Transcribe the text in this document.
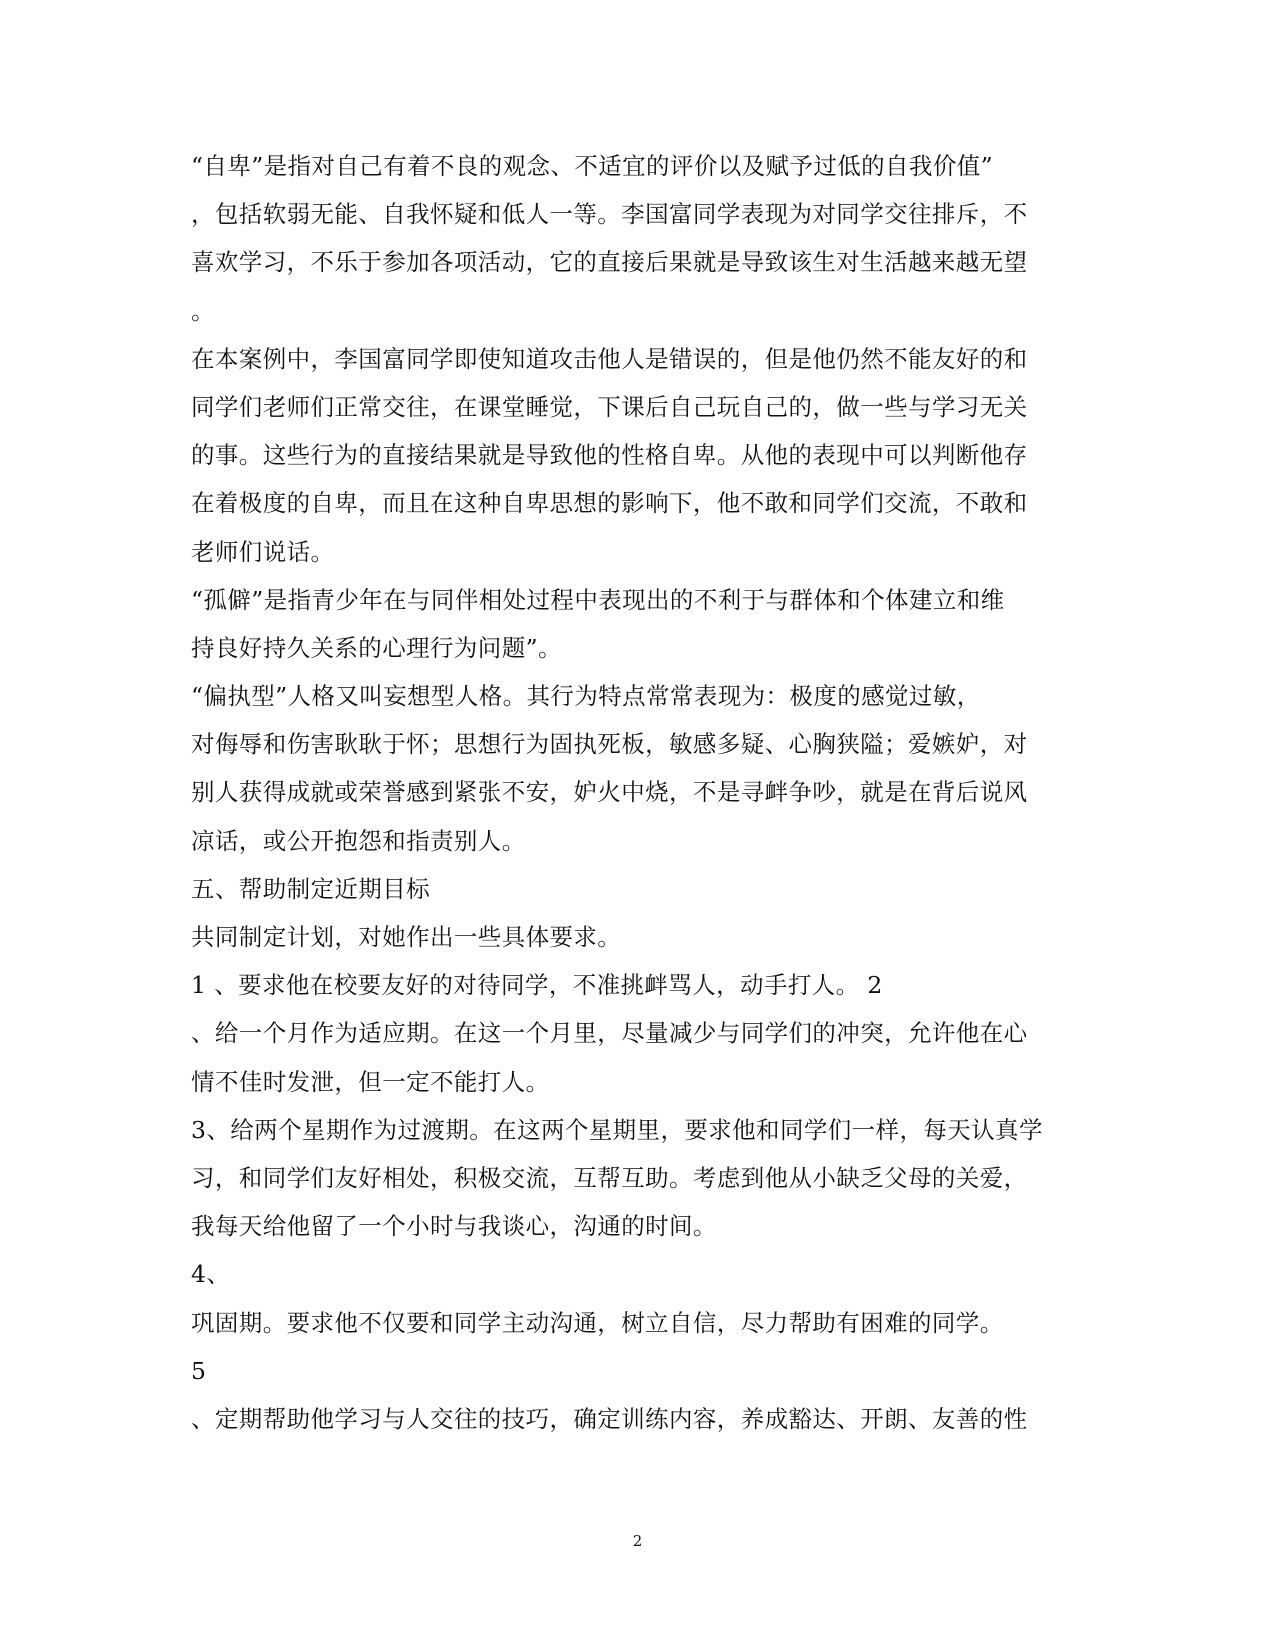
“自卑”是指对自己有着不良的观念、不适宜的评价以及赋予过低的自我价值”
，包括软弱无能、自我怀疑和低人一等。李国富同学表现为对同学交往排斥，不
喜欢学习，不乐于参加各项活动，它的直接后果就是导致该生对生活越来越无望
。
在本案例中，李国富同学即使知道攻击他人是错误的，但是他仍然不能友好的和
同学们老师们正常交往，在课堂睡觉，下课后自己玩自己的，做一些与学习无关
的事。这些行为的直接结果就是导致他的性格自卑。从他的表现中可以判断他存
在着极度的自卑，而且在这种自卑思想的影响下，他不敢和同学们交流，不敢和
老师们说话。
“孤僻”是指青少年在与同伴相处过程中表现出的不利于与群体和个体建立和维
持良好持久关系的心理行为问题”。
“偏执型”人格又叫妄想型人格。其行为特点常常表现为：极度的感觉过敏，
对侮辱和伤害耿耿于怀；思想行为固执死板，敏感多疑、心胸狭隘；爱嫉妒，对
别人获得成就或荣誉感到紧张不安，妒火中烧，不是寻衅争吵，就是在背后说风
凉话，或公开抱怨和指责别人。
五、帮助制定近期目标
共同制定计划，对她作出一些具体要求。
1 、要求他在校要友好的对待同学，不准挑衅骂人，动手打人。 2
、给一个月作为适应期。在这一个月里，尽量减少与同学们的冲突，允许他在心
情不佳时发泄，但一定不能打人。
3、给两个星期作为过渡期。在这两个星期里，要求他和同学们一样，每天认真学
习，和同学们友好相处，积极交流，互帮互助。考虑到他从小缺乏父母的关爱，
我每天给他留了一个小时与我谈心，沟通的时间。
4、
巩固期。要求他不仅要和同学主动沟通，树立自信，尽力帮助有困难的同学。
5
、定期帮助他学习与人交往的技巧，确定训练内容，养成豁达、开朗、友善的性
2
